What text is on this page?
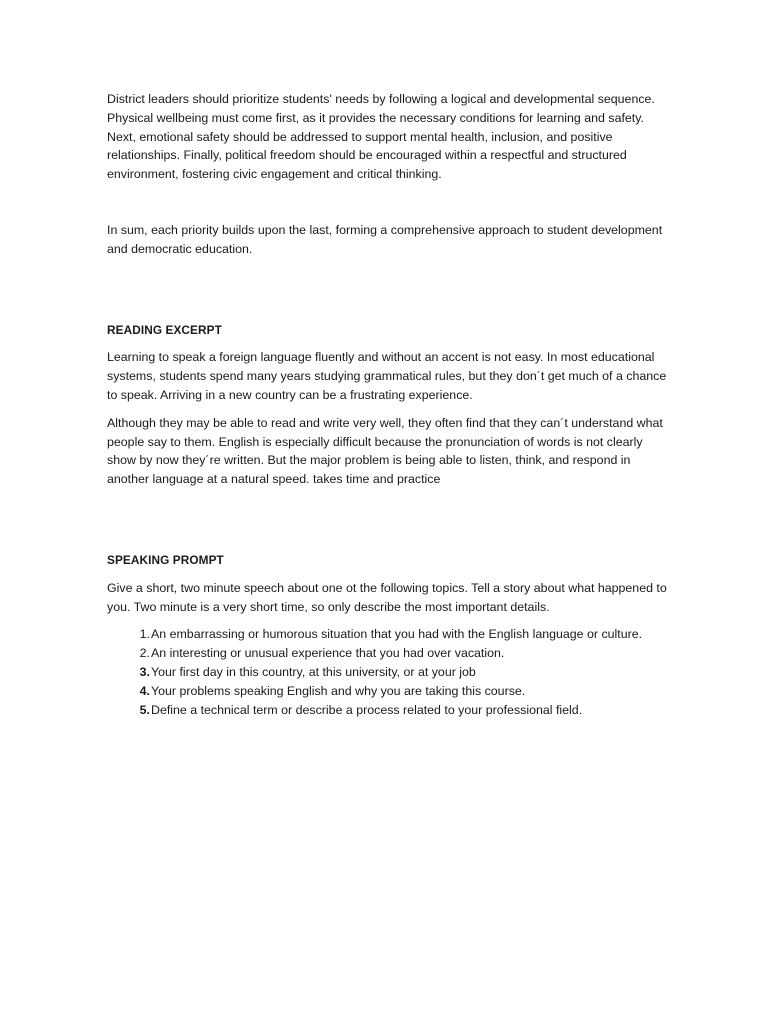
District leaders should prioritize students' needs by following a logical and developmental sequence. Physical wellbeing must come first, as it provides the necessary conditions for learning and safety. Next, emotional safety should be addressed to support mental health, inclusion, and positive relationships. Finally, political freedom should be encouraged within a respectful and structured environment, fostering civic engagement and critical thinking.

In sum, each priority builds upon the last, forming a comprehensive approach to student development and democratic education.

READING EXCERPT

Learning to speak a foreign language fluently and without an accent is not easy. In most educational systems, students spend many years studying grammatical rules, but they don´t get much of a chance to speak. Arriving in a new country can be a frustrating experience.

Although they may be able to read and write very well, they often find that they can´t understand what people say to them. English is especially difficult because the pronunciation of words is not clearly show by now they´re written. But the major problem is being able to listen, think, and respond in another language at a natural speed. takes time and practice

SPEAKING PROMPT

Give a short, two minute speech about one ot the following topics. Tell a story about what happened to you. Two minute is a very short time, so only describe the most important details.

1. An embarrassing or humorous situation that you had with the English language or culture.
2. An interesting or unusual experience that you had over vacation.
3. Your first day in this country, at this university, or at your job
4. Your problems speaking English and why you are taking this course.
5. Define a technical term or describe a process related to your professional field.
